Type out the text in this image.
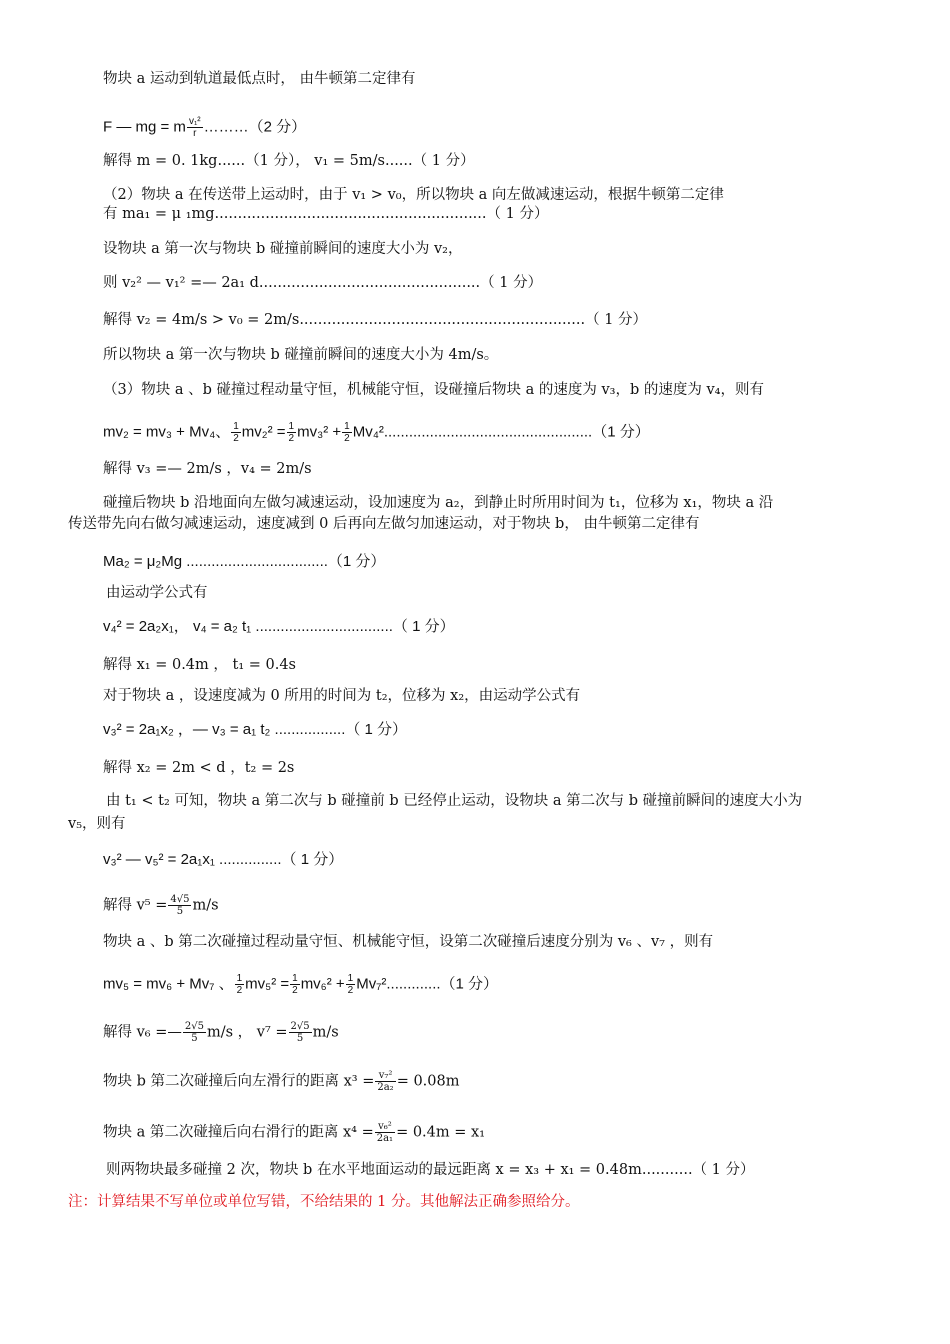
物块 a 运动到轨道最低点时， 由牛顿第二定律有
F — mg = m $\frac{\text{v₁²}}{r}$ ………（2 分）
解得 m = 0. 1kg......（1 分）， v₁ = 5m/s......（ 1 分）
（2）物块 a 在传送带上运动时，由于 v₁ > v₀，所以物块 a 向左做减速运动，根据牛顿第二定律
有 ma₁ = μ ₁mg...........................................................（ 1 分）
设物块 a 第一次与物块 b 碰撞前瞬间的速度大小为 v₂，
则 v₂² — v₁² =— 2a₁ d................................................（ 1 分）
解得 v₂ = 4m/s > v₀ = 2m/s..............................................................（ 1 分）
所以物块 a 第一次与物块 b 碰撞前瞬间的速度大小为 4m/s。
（3）物块 a 、b 碰撞过程动量守恒，机械能守恒，设碰撞后物块 a 的速度为 v₃，b 的速度为 v₄，则有
mv₂ = mv₃ + Mv₄、 $\frac{1}{2} mv_2^2 = \frac{1}{2} mv_3^2 + \frac{1}{2} Mv_4^2..................................................(1$ 分）
解得 v₃ =— 2m/s ，v₄ = 2m/s
碰撞后物块 b 沿地面向左做匀减速运动，设加速度为 a₂，到静止时所用时间为 t₁，位移为 x₁，物块 a 沿
传送带先向右做匀减速运动，速度减到 0 后再向左做匀加速运动，对于物块 b， 由牛顿第二定律有
Ma₂ = μ₂Mg ..................................（1 分）
由运动学公式有
v₄² = 2a₂x₁， v₄ = a₂ t₁ .................................（ 1 分）
解得 x₁ = 0.4m ， t₁ = 0.4s
对于物块 a ，设速度减为 0 所用的时间为 t₂，位移为 x₂，由运动学公式有
v₃² = 2a₁x₂ ，— v₃ = a₁ t₂ .................（ 1 分）
解得 x₂ = 2m < d ，t₂ = 2s
由 t₁ < t₂ 可知，物块 a 第二次与 b 碰撞前 b 已经停止运动，设物块 a 第二次与 b 碰撞前瞬间的速度大小为
v₅，则有
v₃² — v₅² = 2a₁x₁ ...............（ 1 分）
解得 $v^5 = \frac{4√5}{5} m/s$
物块 a 、b 第二次碰撞过程动量守恒、机械能守恒，设第二次碰撞后速度分别为 v₆ 、v₇ ，则有
mv₅ = mv₆ + Mv₇ 、 $\frac{1}{2} mv_5^2 = \frac{1}{2} mv_6^2 + \frac{1}{2} Mv_7^2.............(1$ 分）
解得 v₆ =— $\frac{2√5}{5} m/s$ ， $v^7 = \frac{2√5}{5} m/s$
物块 b 第二次碰撞后向左滑行的距离 $x^3 = \frac{\text{v₇²}}{\text{2a₂}} = 0.08m$
物块 a 第二次碰撞后向右滑行的距离 $x^4 = \frac{\text{v₆²}}{\text{2a₁}} = 0.4m = x_1$
则两物块最多碰撞 2 次，物块 b 在水平地面运动的最远距离 x = x₃ + x₁ = 0.48m...........（ 1 分）
注：计算结果不写单位或单位写错，不给结果的 1 分。其他解法正确参照给分。
